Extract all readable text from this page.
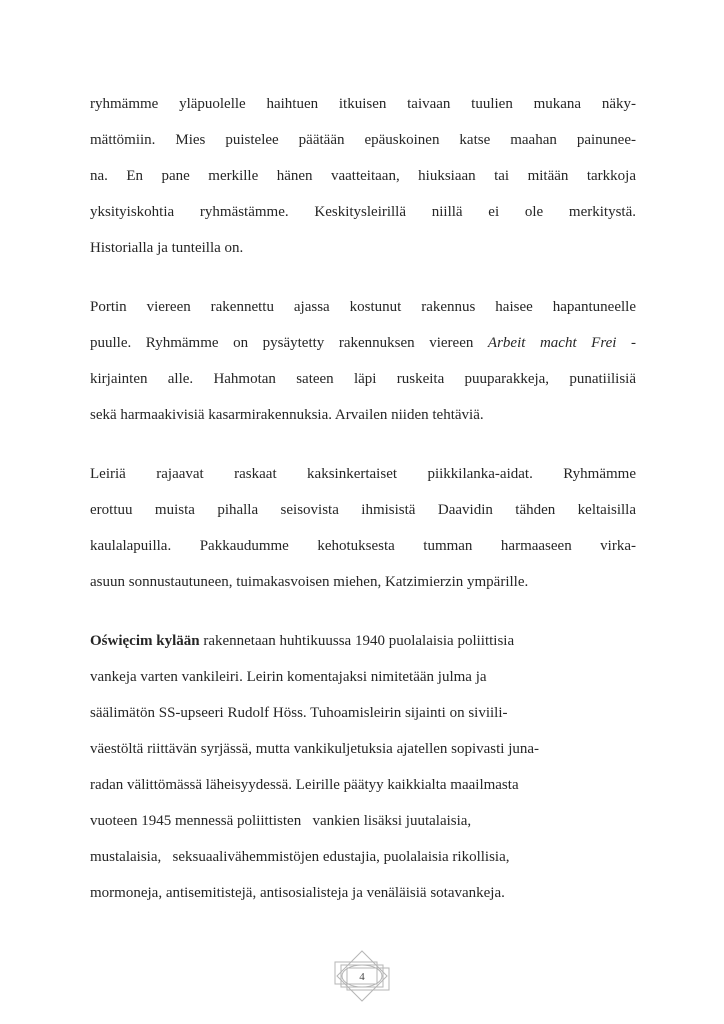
ryhmämme yläpuolelle haihtuen itkuisen taivaan tuulien mukana näky-
mättömiin. Mies puistelee päätään epäuskoinen katse maahan painunee-
na. En pane merkille hänen vaatteitaan, hiuksiaan tai mitään tarkkoja
yksityiskohtia ryhmästämme. Keskitysleirillä niillä ei ole merkitystä.
Historialla ja tunteilla on.
Portin viereen rakennettu ajassa kostunut rakennus haisee hapantuneelle
puulle. Ryhmämme on pysäytetty rakennuksen viereen Arbeit macht Frei -
kirjainten alle. Hahmotan sateen läpi ruskeita puuparakkeja, punatiilisiä
sekä harmaakivisiä kasarmirakennuksia. Arvailen niiden tehtäviä.
Leiriä rajaavat raskaat kaksinkertaiset piikkilanka-aidat. Ryhmämme
erottuu muista pihalla seisovista ihmisistä Daavidin tähden keltaisilla
kaulalapuilla. Pakkaudumme kehotuksesta tumman harmaaseen virka-
asuun sonnustautuneen, tuimakasvoisen miehen, Katzimierzin ympärille.
Oświęcim kylään rakennetaan huhtikuussa 1940 puolalaisia poliittisia
vankeja varten vankileiri. Leirin komentajaksi nimitetään julma ja
säälimätön SS-upseeri Rudolf Höss. Tuhoamisleirin sijainti on siviili-
väestöltä riittävän syrjässä, mutta vankikuljetuksia ajatellen sopivasti juna-
radan välittömässä läheisyydessä. Leirille päätyy kaikkialta maailmasta
vuoteen 1945 mennessä poliittisten   vankien lisäksi juutalaisia,
mustalaisia,   seksuaalivähemmistöjen edustajia, puolalaisia rikollisia,
mormoneja, antisemitistejä, antisosialisteja ja venäläisiä sotavankeja.
4
